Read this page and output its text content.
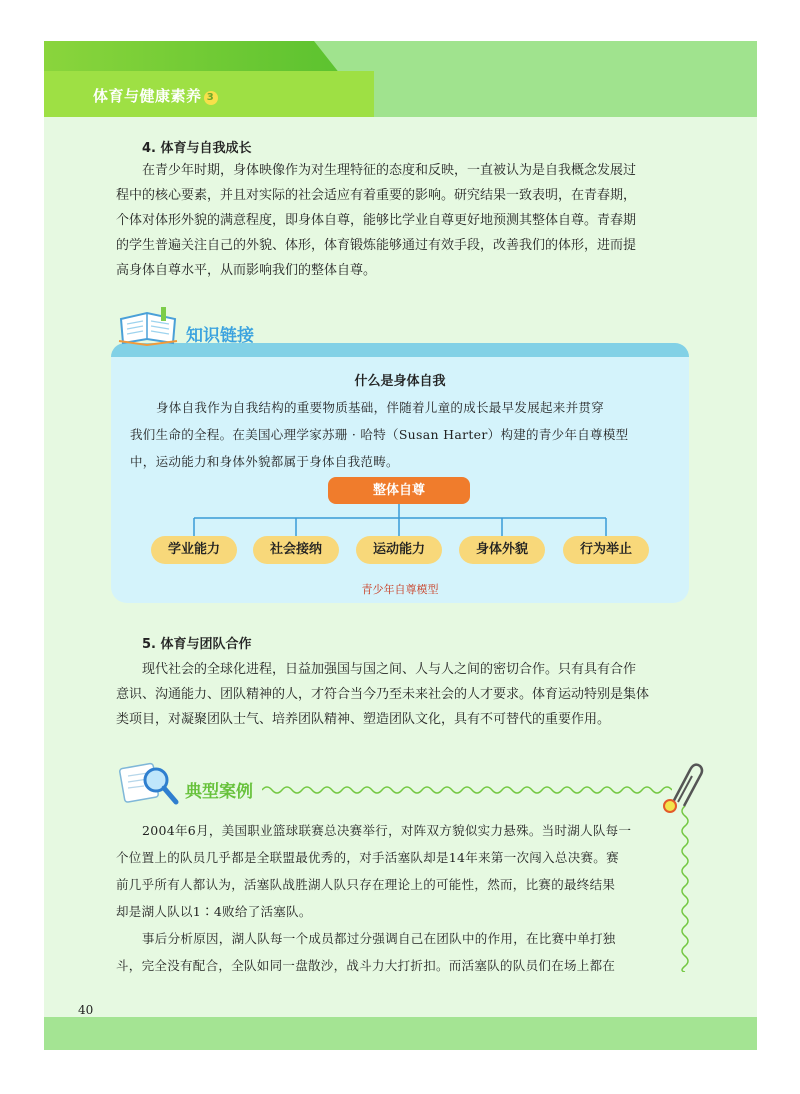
体育与健康素养 3
4. 体育与自我成长
在青少年时期，身体映像作为对生理特征的态度和反映，一直被认为是自我概念发展过
程中的核心要素，并且对实际的社会适应有着重要的影响。研究结果一致表明，在青春期，
个体对体形外貌的满意程度，即身体自尊，能够比学业自尊更好地预测其整体自尊。青春期
的学生普遍关注自己的外貌、体形，体育锻炼能够通过有效手段，改善我们的体形，进而提
高身体自尊水平，从而影响我们的整体自尊。
知识链接
什么是身体自我
身体自我作为自我结构的重要物质基础，伴随着儿童的成长最早发展起来并贯穿
我们生命的全程。在美国心理学家苏珊 · 哈特（Susan Harter）构建的青少年自尊模型
中，运动能力和身体外貌都属于身体自我范畴。
整体自尊
学业能力	社会接纳	运动能力	身体外貌	行为举止
青少年自尊模型
5. 体育与团队合作
现代社会的全球化进程，日益加强国与国之间、人与人之间的密切合作。只有具有合作
意识、沟通能力、团队精神的人，才符合当今乃至未来社会的人才要求。体育运动特别是集体
类项目，对凝聚团队士气、培养团队精神、塑造团队文化，具有不可替代的重要作用。
典型案例
2004年6月，美国职业篮球联赛总决赛举行，对阵双方貌似实力悬殊。当时湖人队每一
个位置上的队员几乎都是全联盟最优秀的，对手活塞队却是14年来第一次闯入总决赛。赛
前几乎所有人都认为，活塞队战胜湖人队只存在理论上的可能性，然而，比赛的最终结果
却是湖人队以1∶4败给了活塞队。
事后分析原因，湖人队每一个成员都过分强调自己在团队中的作用，在比赛中单打独
斗，完全没有配合，全队如同一盘散沙，战斗力大打折扣。而活塞队的队员们在场上都在
40
